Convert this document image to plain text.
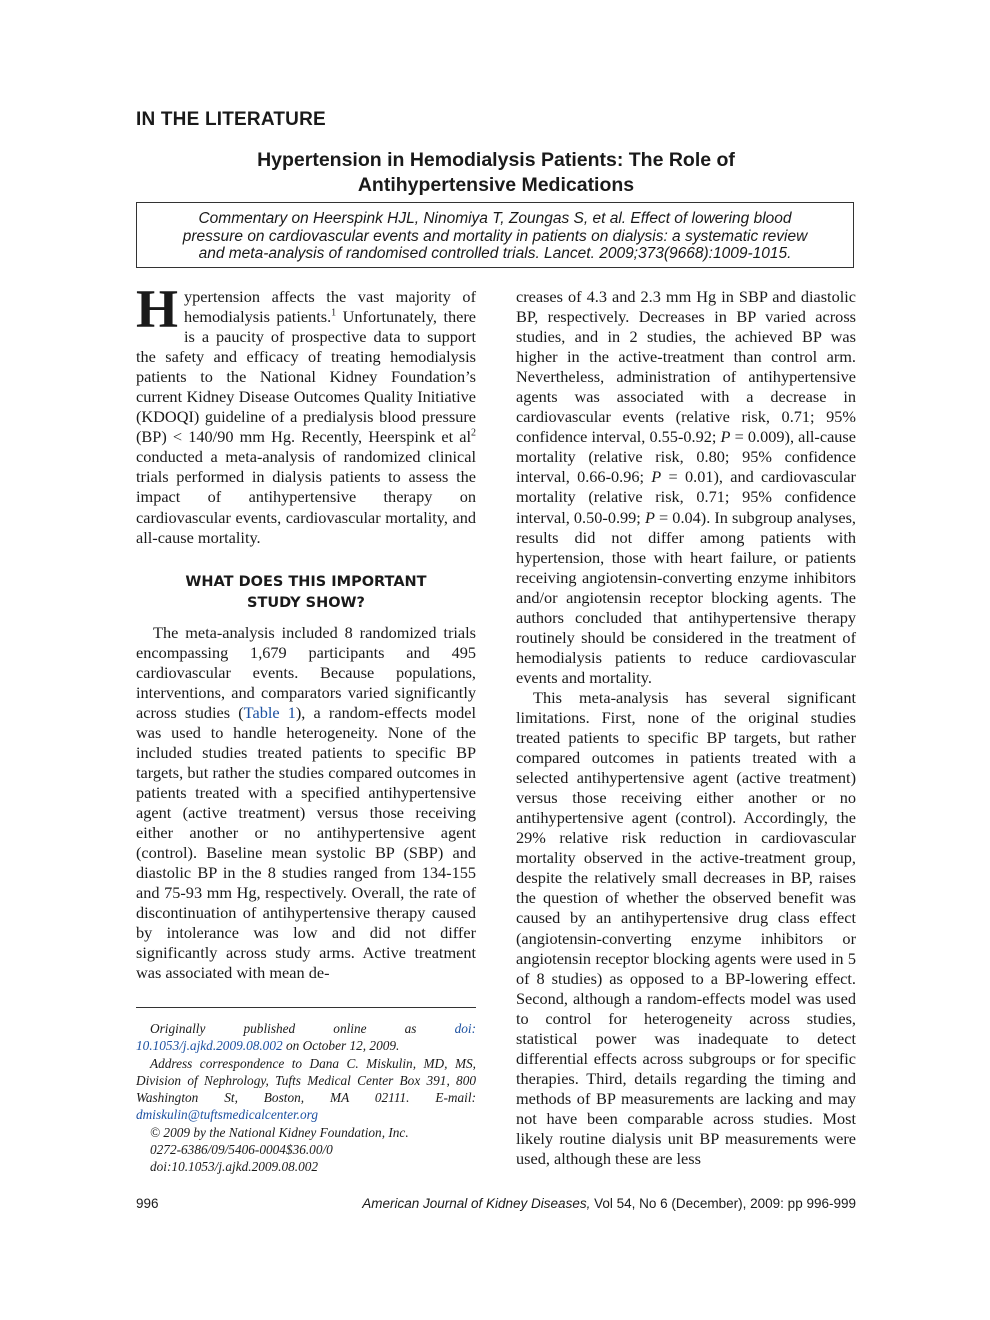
IN THE LITERATURE
Hypertension in Hemodialysis Patients: The Role of
Antihypertensive Medications
Commentary on Heerspink HJL, Ninomiya T, Zoungas S, et al. Effect of lowering blood
pressure on cardiovascular events and mortality in patients on dialysis: a systematic review
and meta-analysis of randomised controlled trials. Lancet. 2009;373(9668):1009-1015.

Hypertension affects the vast majority of hemodialysis patients.$^1$ Unfortunately, there is a paucity of prospective data to support the safety and efficacy of treating hemodialysis patients to the National Kidney Foundation’s current Kidney Disease Outcomes Quality Initiative (KDOQI) guideline of a predialysis blood pressure (BP) < 140/90 mm Hg. Recently, Heerspink et $al^2$ conducted a meta-analysis of randomized clinical trials performed in dialysis patients to assess the impact of antihypertensive therapy on cardiovascular events, cardiovascular mortality, and all-cause mortality.

WHAT DOES THIS IMPORTANT
STUDY SHOW?

The meta-analysis included 8 randomized trials encompassing 1,679 participants and 495 cardiovascular events. Because populations, interventions, and comparators varied significantly across studies (Table 1), a random-effects model was used to handle heterogeneity. None of the included studies treated patients to specific BP targets, but rather the studies compared outcomes in patients treated with a specified antihypertensive agent (active treatment) versus those receiving either another or no antihypertensive agent (control). Baseline mean systolic BP (SBP) and diastolic BP in the 8 studies ranged from 134-155 and 75-93 mm Hg, respectively. Overall, the rate of discontinuation of antihypertensive therapy caused by intolerance was low and did not differ significantly across study arms. Active treatment was associated with mean de-

Originally published online as doi: 10.1053/j.ajkd.2009.08.002 on October 12, 2009.

Address correspondence to Dana C. Miskulin, MD, MS, Division of Nephrology, Tufts Medical Center Box 391, 800 Washington St, Boston, MA 02111. E-mail: dmiskulin@tuftsmedicalcenter.org

© 2009 by the National Kidney Foundation, Inc.

0272-6386/09/5406-0004$36.00/0

doi:10.1053/j.ajkd.2009.08.002

creases of 4.3 and 2.3 mm Hg in SBP and diastolic BP, respectively. Decreases in BP varied across studies, and in 2 studies, the achieved BP was higher in the active-treatment than control arm. Nevertheless, administration of antihypertensive agents was associated with a decrease in cardiovascular events (relative risk, 0.71; 95% confidence interval, 0.55-0.92; P = 0.009), all-cause mortality (relative risk, 0.80; 95% confidence interval, 0.66-0.96; P = 0.01), and cardiovascular mortality (relative risk, 0.71; 95% confidence interval, 0.50-0.99; P = 0.04). In subgroup analyses, results did not differ among patients with hypertension, those with heart failure, or patients receiving angiotensin-converting enzyme inhibitors and/or angiotensin receptor blocking agents. The authors concluded that antihypertensive therapy routinely should be considered in the treatment of hemodialysis patients to reduce cardiovascular events and mortality.

This meta-analysis has several significant limitations. First, none of the original studies treated patients to specific BP targets, but rather compared outcomes in patients treated with a selected antihypertensive agent (active treatment) versus those receiving either another or no antihypertensive agent (control). Accordingly, the 29% relative risk reduction in cardiovascular mortality observed in the active-treatment group, despite the relatively small decreases in BP, raises the question of whether the observed benefit was caused by an antihypertensive drug class effect (angiotensin-converting enzyme inhibitors or angiotensin receptor blocking agents were used in 5 of 8 studies) as opposed to a BP-lowering effect. Second, although a random-effects model was used to control for heterogeneity across studies, statistical power was inadequate to detect differential effects across subgroups or for specific therapies. Third, details regarding the timing and methods of BP measurements are lacking and may not have been comparable across studies. Most likely routine dialysis unit BP measurements were used, although these are less

996	American Journal of Kidney Diseases, Vol 54, No 6 (December), 2009: pp 996-999
